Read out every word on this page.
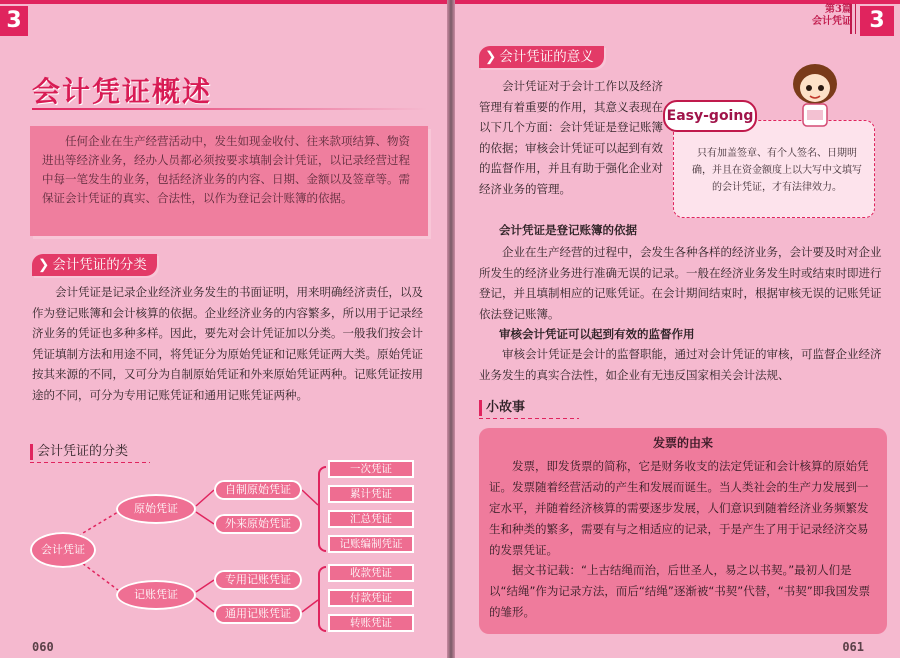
3
会计凭证概述

任何企业在生产经营活动中，发生如现金收付、往来款项结算、物资进出等经济业务，经办人员都必须按要求填制会计凭证，以记录经营过程中每一笔发生的业务，包括经济业务的内容、日期、金额以及签章等。需保证会计凭证的真实、合法性，以作为登记会计账簿的依据。

❯ 会计凭证的分类

会计凭证是记录企业经济业务发生的书面证明，用来明确经济责任，以及作为登记账簿和会计核算的依据。企业经济业务的内容繁多，所以用于记录经济业务的凭证也多种多样。因此，要先对会计凭证加以分类。一般我们按会计凭证填制方法和用途不同，将凭证分为原始凭证和记账凭证两大类。原始凭证按其来源的不同，又可分为自制原始凭证和外来原始凭证两种。记账凭证按用途的不同，可分为专用记账凭证和通用记账凭证两种。

会计凭证的分类
会计凭证
原始凭证
记账凭证
自制原始凭证
外来原始凭证
专用记账凭证
通用记账凭证
一次凭证
累计凭证
汇总凭证
记账编制凭证
收款凭证
付款凭证
转账凭证
060
第3篇
会计凭证 3
❯ 会计凭证的意义

会计凭证对于会计工作以及经济管理有着重要的作用，其意义表现在以下几个方面：会计凭证是登记账簿的依据；审核会计凭证可以起到有效的监督作用，并且有助于强化企业对经济业务的管理。

只有加盖签章、有个人签名、日期明确，并且在资金额度上以大写中文填写的会计凭证，才有法律效力。

Easy-going
会计凭证是登记账簿的依据

企业在生产经营的过程中，会发生各种各样的经济业务，会计要及时对企业所发生的经济业务进行准确无误的记录。一般在经济业务发生时或结束时即进行登记，并且填制相应的记账凭证。在会计期间结束时，根据审核无误的记账凭证依法登记账簿。

审核会计凭证可以起到有效的监督作用

审核会计凭证是会计的监督职能，通过对会计凭证的审核，可监督企业经济业务发生的真实合法性，如企业有无违反国家相关会计法规、

小故事
发票的由来

发票，即发货票的简称，它是财务收支的法定凭证和会计核算的原始凭证。发票随着经营活动的产生和发展而诞生。当人类社会的生产力发展到一定水平，并随着经济核算的需要逐步发展，人们意识到随着经济业务频繁发生和种类的繁多，需要有与之相适应的记录，于是产生了用于记录经济交易的发票凭证。

据文书记载：“上古结绳而治，后世圣人，易之以书契。”最初人们是以“结绳”作为记录方法，而后“结绳”逐渐被“书契”代替，“书契”即我国发票的雏形。

061
